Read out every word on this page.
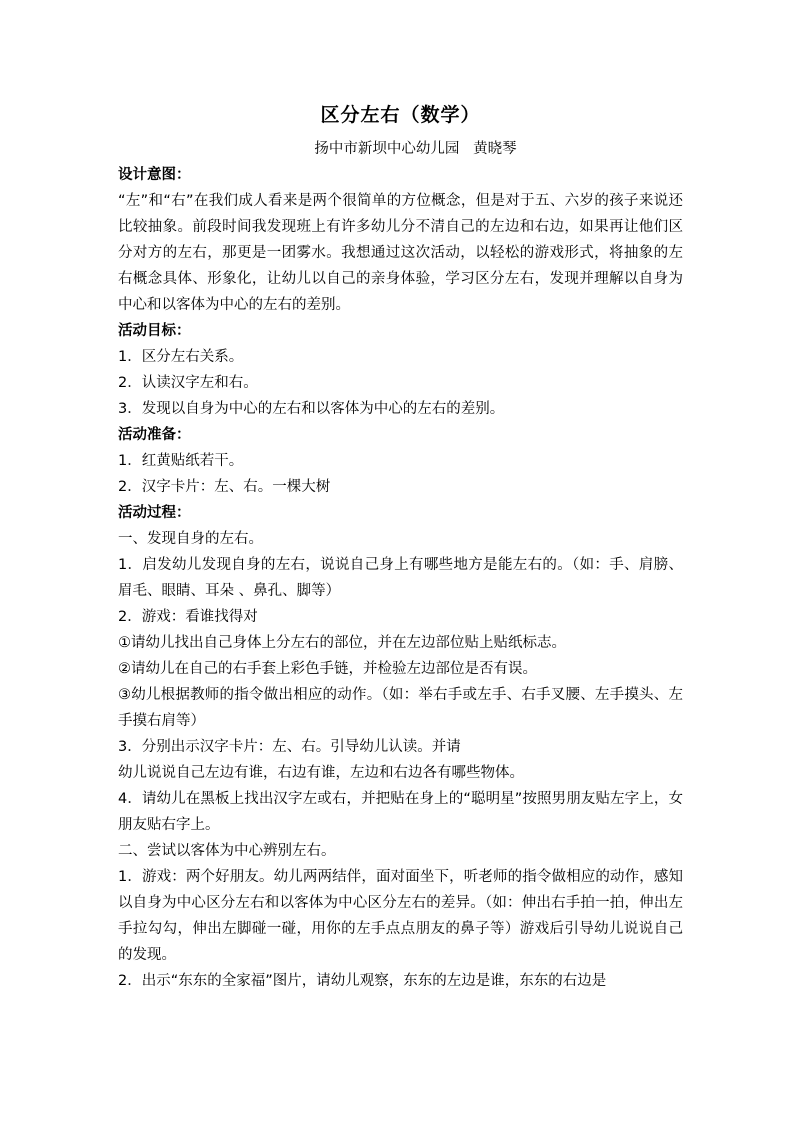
区分左右（数学）
扬中市新坝中心幼儿园   黄晓琴
设计意图：
“左”和“右”在我们成人看来是两个很简单的方位概念，但是对于五、六岁的孩子来说还比较抽象。前段时间我发现班上有许多幼儿分不清自己的左边和右边，如果再让他们区分对方的左右，那更是一团雾水。我想通过这次活动，以轻松的游戏形式，将抽象的左右概念具体、形象化，让幼儿以自己的亲身体验，学习区分左右，发现并理解以自身为中心和以客体为中心的左右的差别。
活动目标：
1．区分左右关系。
2．认读汉字左和右。
3．发现以自身为中心的左右和以客体为中心的左右的差别。
活动准备：
1．红黄贴纸若干。
2．汉字卡片：左、右。一棵大树
活动过程：
一、发现自身的左右。
1．启发幼儿发现自身的左右，说说自己身上有哪些地方是能左右的。（如：手、肩膀、眉毛、眼睛、耳朵 、鼻孔、脚等）
2．游戏：看谁找得对
①请幼儿找出自己身体上分左右的部位，并在左边部位贴上贴纸标志。
②请幼儿在自己的右手套上彩色手链，并检验左边部位是否有误。
③幼儿根据教师的指令做出相应的动作。（如：举右手或左手、右手叉腰、左手摸头、左手摸右肩等）
3．分别出示汉字卡片：左、右。引导幼儿认读。并请
幼儿说说自己左边有谁，右边有谁，左边和右边各有哪些物体。
4．请幼儿在黑板上找出汉字左或右，并把贴在身上的“聪明星”按照男朋友贴左字上，女朋友贴右字上。
二、尝试以客体为中心辨别左右。
1．游戏：两个好朋友。幼儿两两结伴，面对面坐下，听老师的指令做相应的动作，感知以自身为中心区分左右和以客体为中心区分左右的差异。（如：伸出右手拍一拍，伸出左手拉勾勾，伸出左脚碰一碰，用你的左手点点朋友的鼻子等）游戏后引导幼儿说说自己的发现。
2．出示“东东的全家福”图片，请幼儿观察，东东的左边是谁，东东的右边是
